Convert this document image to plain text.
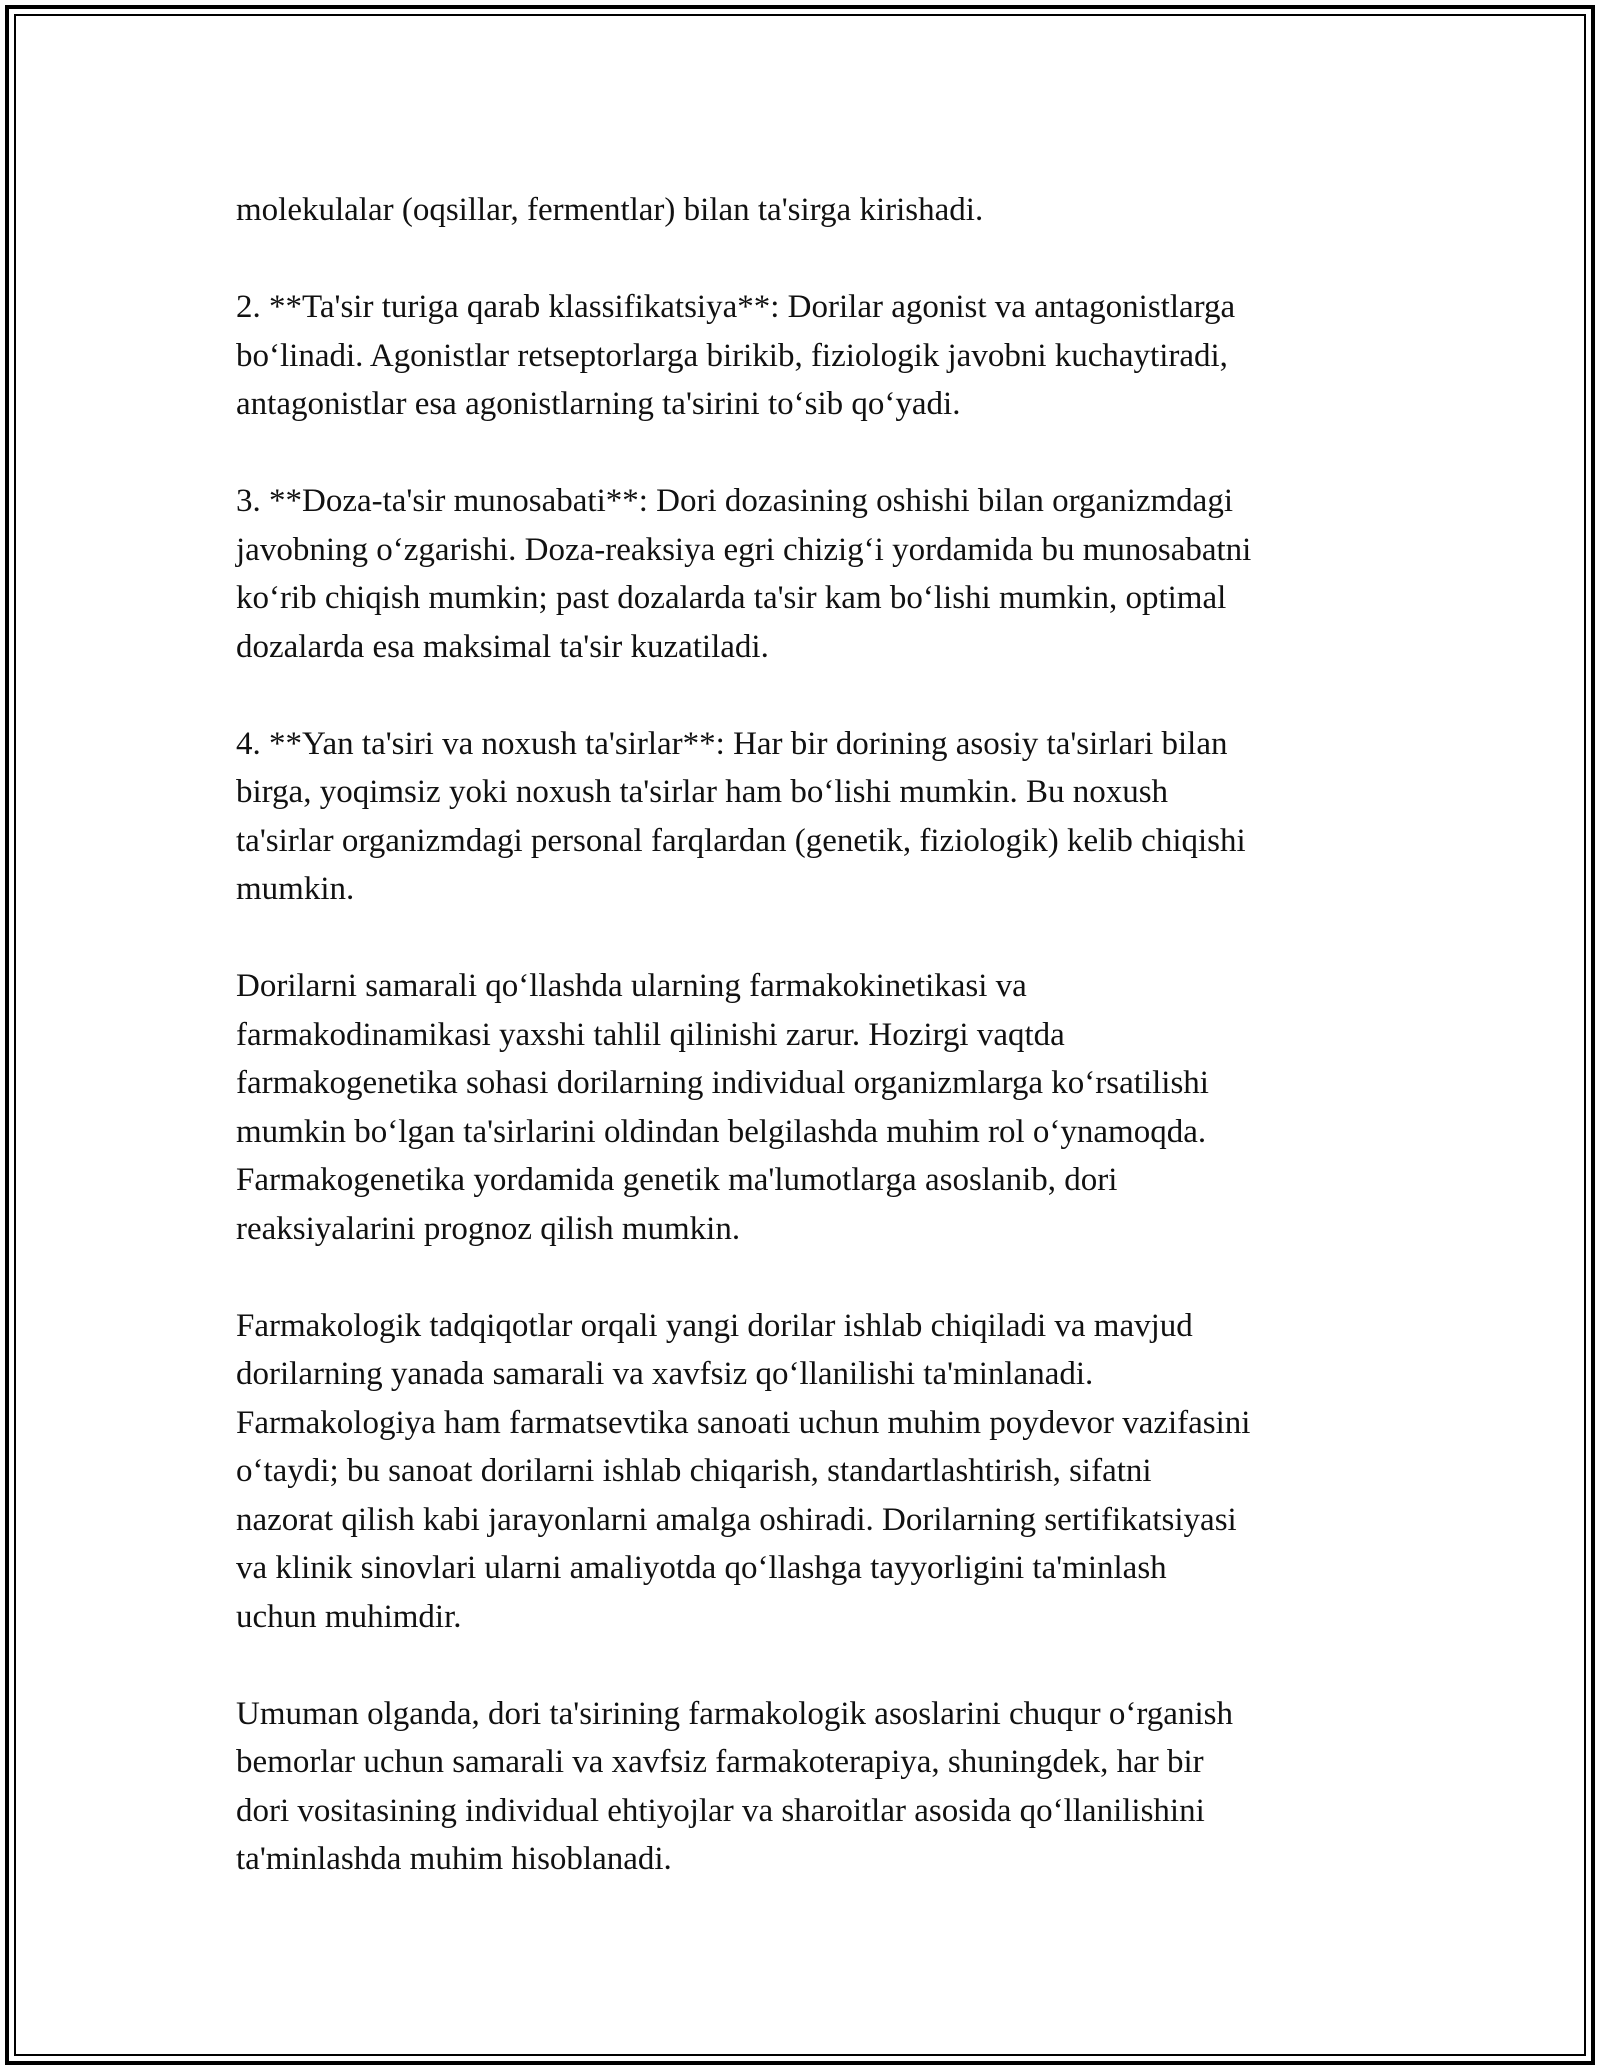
molekulalar (oqsillar, fermentlar) bilan ta'sirga kirishadi.

2. **Ta'sir turiga qarab klassifikatsiya**: Dorilar agonist va antagonistlarga
bo‘linadi. Agonistlar retseptorlarga birikib, fiziologik javobni kuchaytiradi,
antagonistlar esa agonistlarning ta'sirini to‘sib qo‘yadi.

3. **Doza-ta'sir munosabati**: Dori dozasining oshishi bilan organizmdagi
javobning o‘zgarishi. Doza-reaksiya egri chizig‘i yordamida bu munosabatni
ko‘rib chiqish mumkin; past dozalarda ta'sir kam bo‘lishi mumkin, optimal
dozalarda esa maksimal ta'sir kuzatiladi.

4. **Yan ta'siri va noxush ta'sirlar**: Har bir dorining asosiy ta'sirlari bilan
birga, yoqimsiz yoki noxush ta'sirlar ham bo‘lishi mumkin. Bu noxush
ta'sirlar organizmdagi personal farqlardan (genetik, fiziologik) kelib chiqishi
mumkin.

Dorilarni samarali qo‘llashda ularning farmakokinetikasi va
farmakodinamikasi yaxshi tahlil qilinishi zarur. Hozirgi vaqtda
farmakogenetika sohasi dorilarning individual organizmlarga ko‘rsatilishi
mumkin bo‘lgan ta'sirlarini oldindan belgilashda muhim rol o‘ynamoqda.
Farmakogenetika yordamida genetik ma'lumotlarga asoslanib, dori
reaksiyalarini prognoz qilish mumkin.

Farmakologik tadqiqotlar orqali yangi dorilar ishlab chiqiladi va mavjud
dorilarning yanada samarali va xavfsiz qo‘llanilishi ta'minlanadi.
Farmakologiya ham farmatsevtika sanoati uchun muhim poydevor vazifasini
o‘taydi; bu sanoat dorilarni ishlab chiqarish, standartlashtirish, sifatni
nazorat qilish kabi jarayonlarni amalga oshiradi. Dorilarning sertifikatsiyasi
va klinik sinovlari ularni amaliyotda qo‘llashga tayyorligini ta'minlash
uchun muhimdir.

Umuman olganda, dori ta'sirining farmakologik asoslarini chuqur o‘rganish
bemorlar uchun samarali va xavfsiz farmakoterapiya, shuningdek, har bir
dori vositasining individual ehtiyojlar va sharoitlar asosida qo‘llanilishini
ta'minlashda muhim hisoblanadi.
